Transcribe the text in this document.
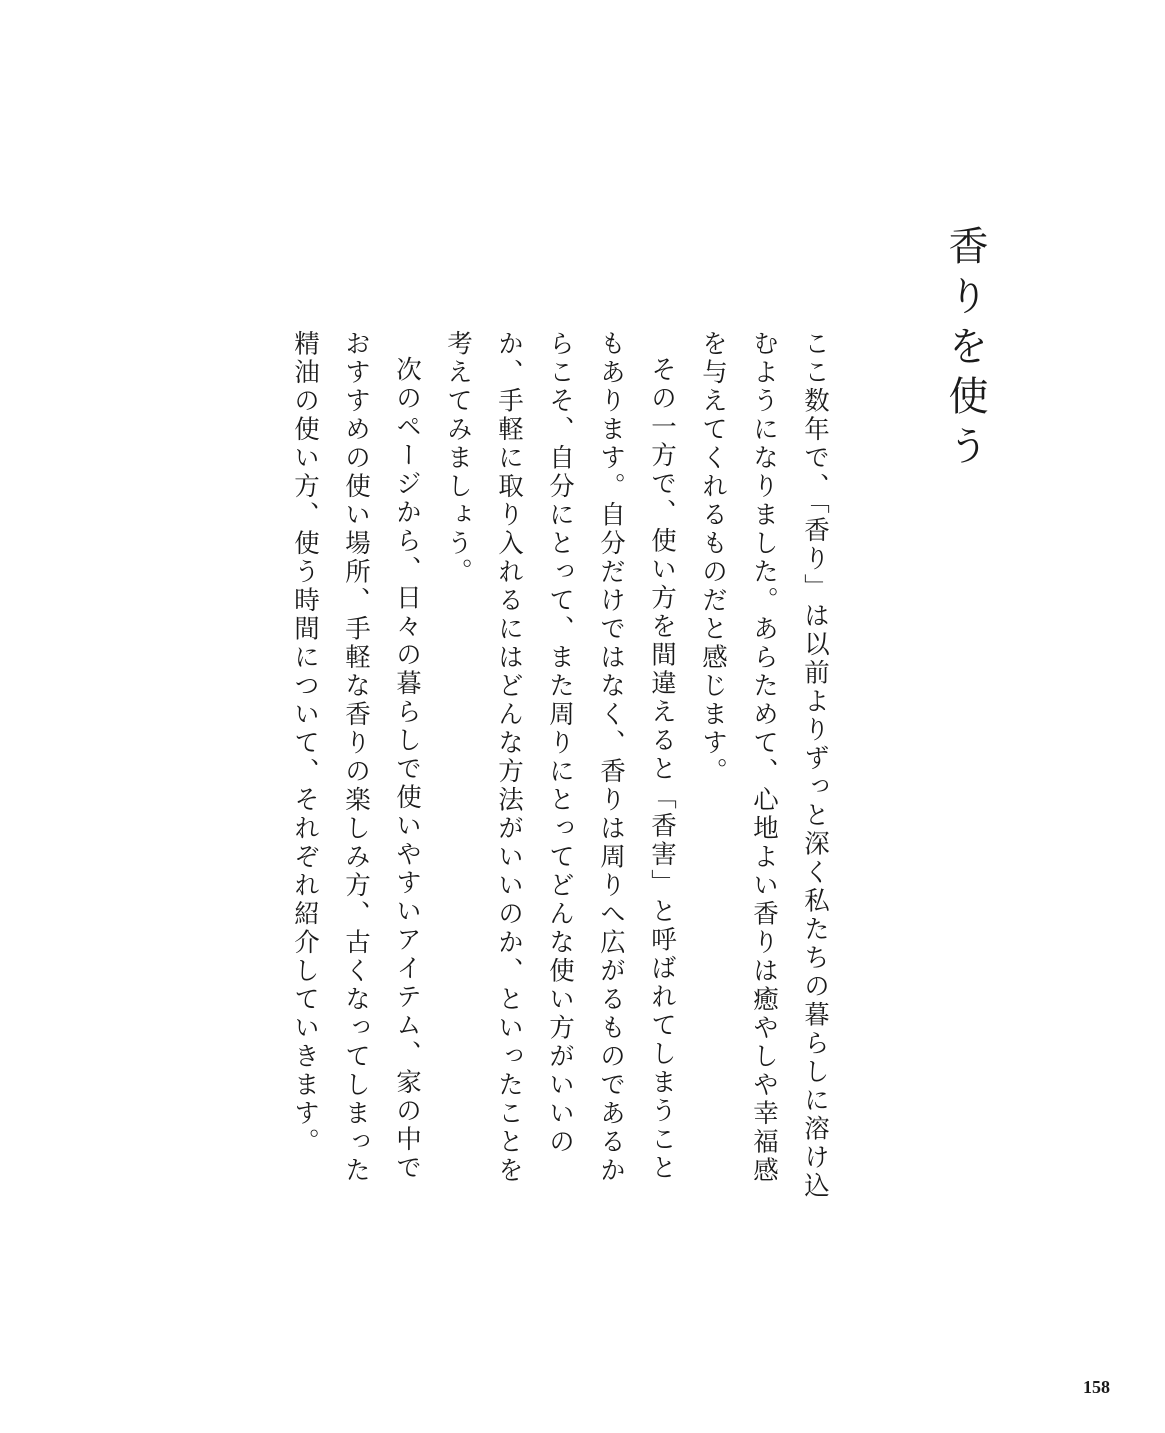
香りを使う

ここ数年で、「香り」は以前よりずっと深く私たちの暮らしに溶け込むようになりました。あらためて、心地よい香りは癒やしや幸福感を与えてくれるものだと感じます。

その一方で、使い方を間違えると「香害」と呼ばれてしまうこともあります。自分だけではなく、香りは周りへ広がるものであるからこそ、自分にとって、また周りにとってどんな使い方がいいのか、手軽に取り入れるにはどんな方法がいいのか、といったことを考えてみましょう。

次のページから、日々の暮らしで使いやすいアイテム、家の中でおすすめの使い場所、手軽な香りの楽しみ方、古くなってしまった精油の使い方、使う時間について、それぞれ紹介していきます。

158
